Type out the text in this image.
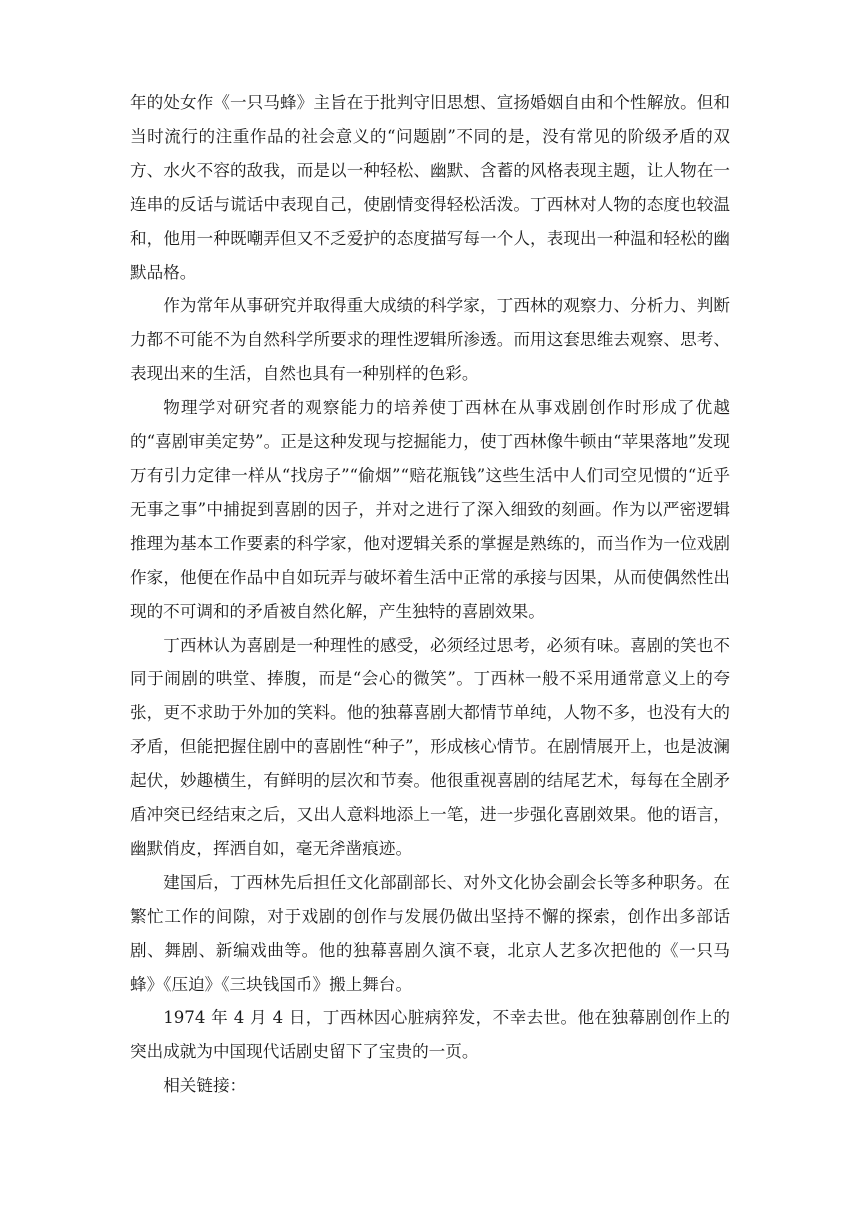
年的处女作《一只马蜂》主旨在于批判守旧思想、宣扬婚姻自由和个性解放。但和当时流行的注重作品的社会意义的“问题剧”不同的是，没有常见的阶级矛盾的双方、水火不容的敌我，而是以一种轻松、幽默、含蓄的风格表现主题，让人物在一连串的反话与谎话中表现自己，使剧情变得轻松活泼。丁西林对人物的态度也较温和，他用一种既嘲弄但又不乏爱护的态度描写每一个人，表现出一种温和轻松的幽默品格。

作为常年从事研究并取得重大成绩的科学家，丁西林的观察力、分析力、判断力都不可能不为自然科学所要求的理性逻辑所渗透。而用这套思维去观察、思考、表现出来的生活，自然也具有一种别样的色彩。

物理学对研究者的观察能力的培养使丁西林在从事戏剧创作时形成了优越的“喜剧审美定势”。正是这种发现与挖掘能力，使丁西林像牛顿由“苹果落地”发现万有引力定律一样从“找房子”“偷烟”“赔花瓶钱”这些生活中人们司空见惯的“近乎无事之事”中捕捉到喜剧的因子，并对之进行了深入细致的刻画。作为以严密逻辑推理为基本工作要素的科学家，他对逻辑关系的掌握是熟练的，而当作为一位戏剧作家，他便在作品中自如玩弄与破坏着生活中正常的承接与因果，从而使偶然性出现的不可调和的矛盾被自然化解，产生独特的喜剧效果。

丁西林认为喜剧是一种理性的感受，必须经过思考，必须有味。喜剧的笑也不同于闹剧的哄堂、捧腹，而是“会心的微笑”。丁西林一般不采用通常意义上的夸张，更不求助于外加的笑料。他的独幕喜剧大都情节单纯，人物不多，也没有大的矛盾，但能把握住剧中的喜剧性“种子”，形成核心情节。在剧情展开上，也是波澜起伏，妙趣横生，有鲜明的层次和节奏。他很重视喜剧的结尾艺术，每每在全剧矛盾冲突已经结束之后，又出人意料地添上一笔，进一步强化喜剧效果。他的语言，幽默俏皮，挥洒自如，毫无斧凿痕迹。

建国后，丁西林先后担任文化部副部长、对外文化协会副会长等多种职务。在繁忙工作的间隙，对于戏剧的创作与发展仍做出坚持不懈的探索，创作出多部话剧、舞剧、新编戏曲等。他的独幕喜剧久演不衰，北京人艺多次把他的《一只马蜂》《压迫》《三块钱国币》搬上舞台。

1974 年 4 月 4 日，丁西林因心脏病猝发，不幸去世。他在独幕剧创作上的突出成就为中国现代话剧史留下了宝贵的一页。

相关链接：
